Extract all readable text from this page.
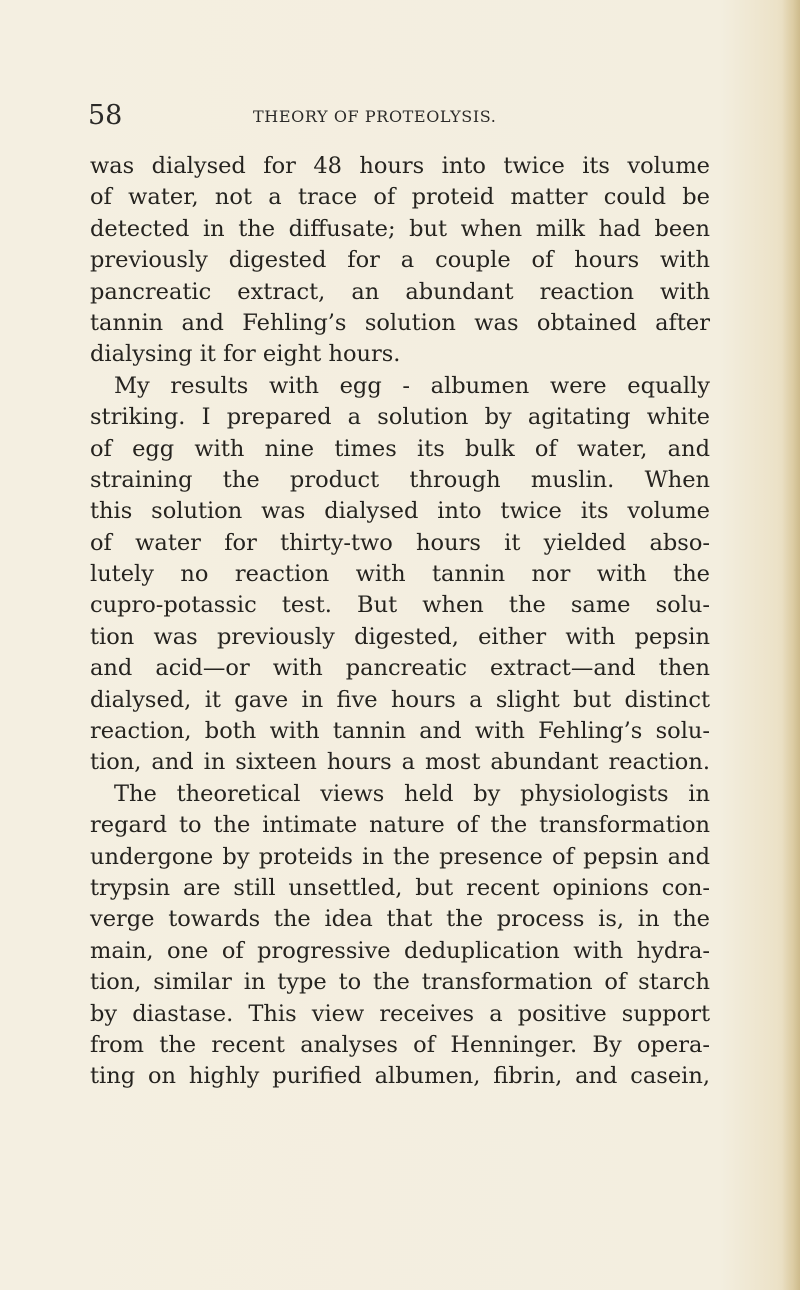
58	THEORY OF PROTEOLYSIS.
was dialysed for 48 hours into twice its volume
of water, not a trace of proteid matter could be
detected in the diffusate; but when milk had been
previously digested for a couple of hours with
pancreatic extract, an abundant reaction with
tannin and Fehling’s solution was obtained after
dialysing it for eight hours.
My results with egg - albumen were equally
striking. I prepared a solution by agitating white
of egg with nine times its bulk of water, and
straining the product through muslin. When
this solution was dialysed into twice its volume
of water for thirty-two hours it yielded abso-
lutely no reaction with tannin nor with the
cupro-potassic test. But when the same solu-
tion was previously digested, either with pepsin
and acid—or with pancreatic extract—and then
dialysed, it gave in five hours a slight but distinct
reaction, both with tannin and with Fehling’s solu-
tion, and in sixteen hours a most abundant reaction.
The theoretical views held by physiologists in
regard to the intimate nature of the transformation
undergone by proteids in the presence of pepsin and
trypsin are still unsettled, but recent opinions con-
verge towards the idea that the process is, in the
main, one of progressive deduplication with hydra-
tion, similar in type to the transformation of starch
by diastase. This view receives a positive support
from the recent analyses of Henninger. By opera-
ting on highly purified albumen, fibrin, and casein,
